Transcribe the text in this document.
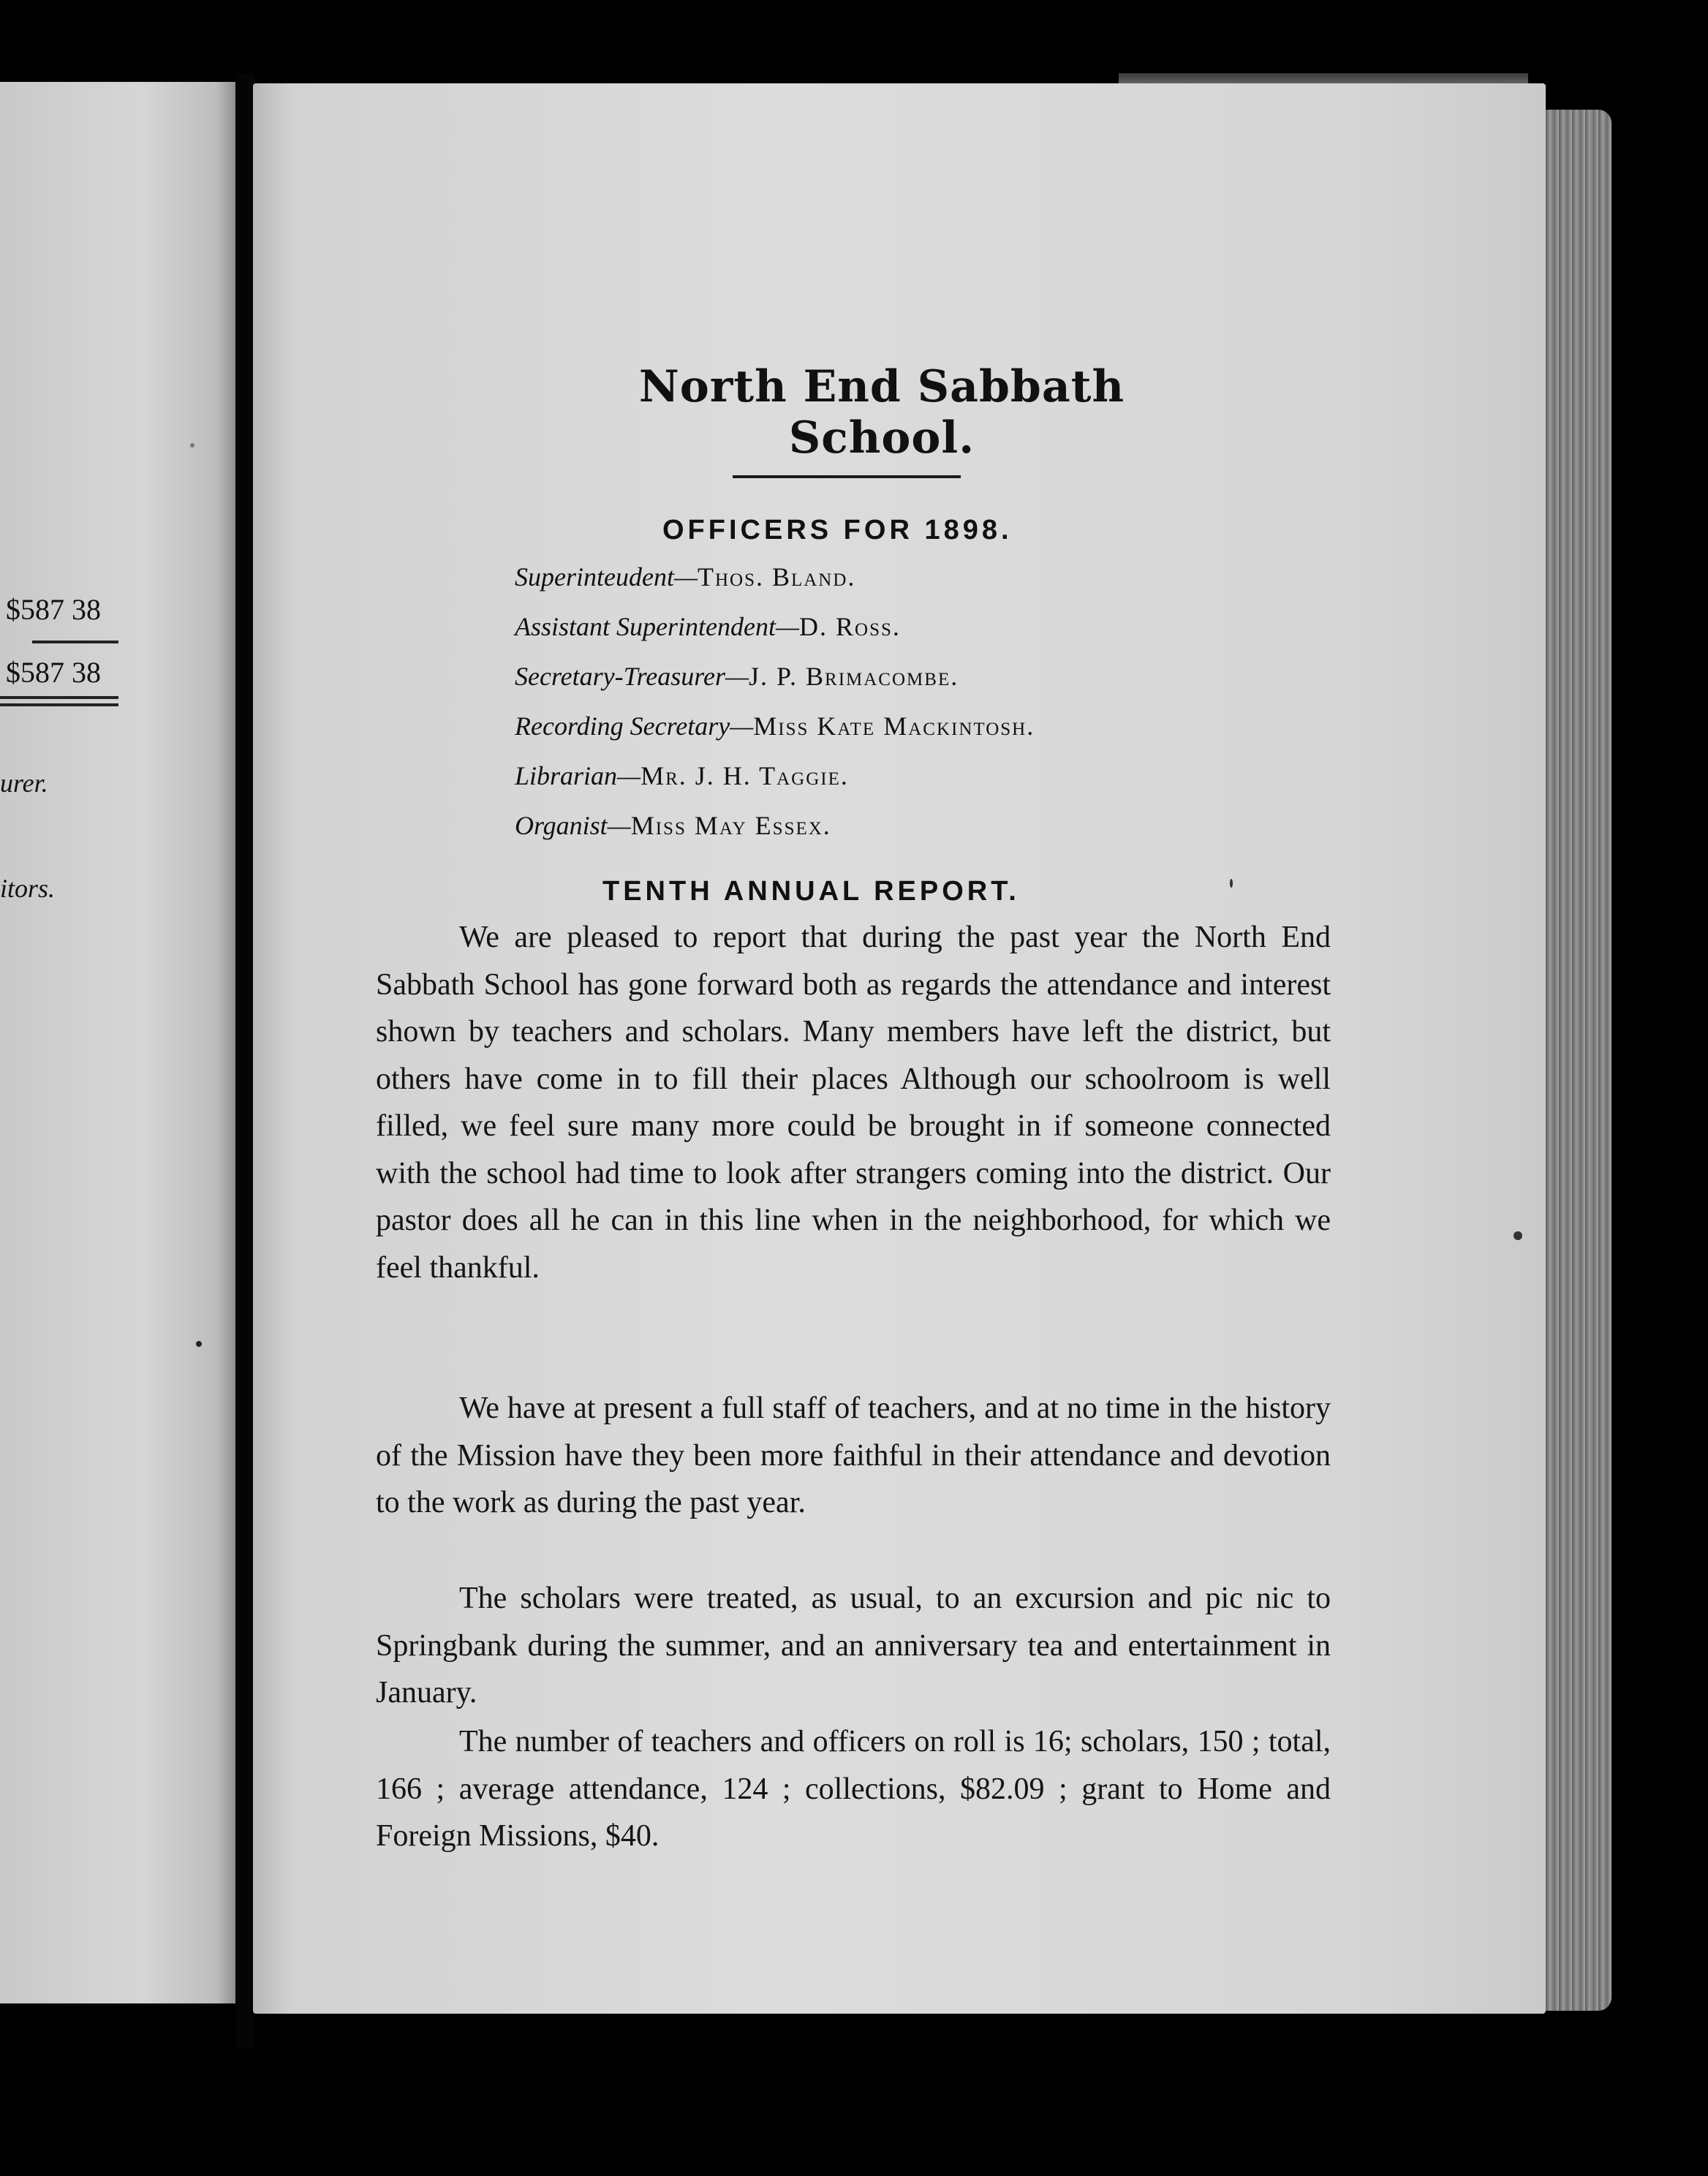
$587 38
$587 38
urer.
itors.
North End Sabbath School.
OFFICERS FOR 1898.
Superinteudent—Thos. Bland.
Assistant Superintendent—D. Ross.
Secretary-Treasurer—J. P. Brimacombe.
Recording Secretary—Miss Kate Mackintosh.
Librarian—Mr. J. H. Taggie.
Organist—Miss May Essex.
TENTH ANNUAL REPORT.
We are pleased to report that during the past year the North End Sabbath School has gone forward both as regards the attendance and interest shown by teachers and scholars. Many members have left the district, but others have come in to fill their places Although our schoolroom is well filled, we feel sure many more could be brought in if someone connected with the school had time to look after strangers coming into the district. Our pastor does all he can in this line when in the neighborhood, for which we feel thankful.
We have at present a full staff of teachers, and at no time in the history of the Mission have they been more faithful in their attendance and devotion to the work as during the past year.
The scholars were treated, as usual, to an excursion and pic nic to Springbank during the summer, and an anniversary tea and entertainment in January.
The number of teachers and officers on roll is 16; scholars, 150 ; total, 166 ; average attendance, 124 ; collections, $82.09 ; grant to Home and Foreign Missions, $40.
